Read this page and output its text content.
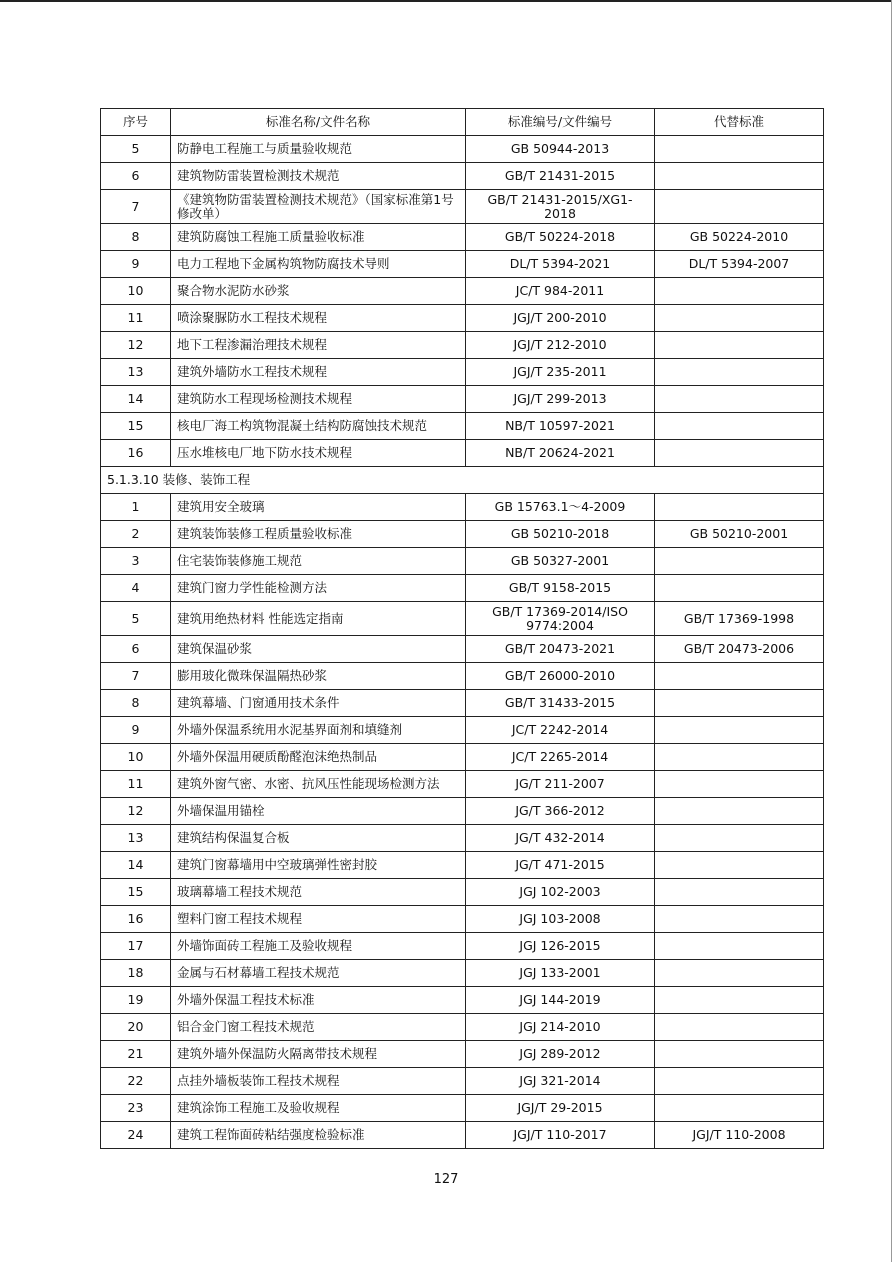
序号	标准名称/文件名称	标准编号/文件编号	代替标准
5	防静电工程施工与质量验收规范	GB 50944-2013	
6	建筑物防雷装置检测技术规范	GB/T 21431-2015	
7	《建筑物防雷装置检测技术规范》（国家标准第1号修改单）	GB/T 21431-2015/XG1-2018	
8	建筑防腐蚀工程施工质量验收标准	GB/T 50224-2018	GB 50224-2010
9	电力工程地下金属构筑物防腐技术导则	DL/T 5394-2021	DL/T 5394-2007
10	聚合物水泥防水砂浆	JC/T 984-2011	
11	喷涂聚脲防水工程技术规程	JGJ/T 200-2010	
12	地下工程渗漏治理技术规程	JGJ/T 212-2010	
13	建筑外墙防水工程技术规程	JGJ/T 235-2011	
14	建筑防水工程现场检测技术规程	JGJ/T 299-2013	
15	核电厂海工构筑物混凝土结构防腐蚀技术规范	NB/T 10597-2021	
16	压水堆核电厂地下防水技术规程	NB/T 20624-2021	
5.1.3.10 装修、装饰工程			
1	建筑用安全玻璃	GB 15763.1～4-2009	
2	建筑装饰装修工程质量验收标准	GB 50210-2018	GB 50210-2001
3	住宅装饰装修施工规范	GB 50327-2001	
4	建筑门窗力学性能检测方法	GB/T 9158-2015	
5	建筑用绝热材料 性能选定指南	GB/T 17369-2014/ISO 9774:2004	GB/T 17369-1998
6	建筑保温砂浆	GB/T 20473-2021	GB/T 20473-2006
7	膨用玻化微珠保温隔热砂浆	GB/T 26000-2010	
8	建筑幕墙、门窗通用技术条件	GB/T 31433-2015	
9	外墙外保温系统用水泥基界面剂和填缝剂	JC/T 2242-2014	
10	外墙外保温用硬质酚醛泡沫绝热制品	JC/T 2265-2014	
11	建筑外窗气密、水密、抗风压性能现场检测方法	JG/T 211-2007	
12	外墙保温用锚栓	JG/T 366-2012	
13	建筑结构保温复合板	JG/T 432-2014	
14	建筑门窗幕墙用中空玻璃弹性密封胶	JG/T 471-2015	
15	玻璃幕墙工程技术规范	JGJ 102-2003	
16	塑料门窗工程技术规程	JGJ 103-2008	
17	外墙饰面砖工程施工及验收规程	JGJ 126-2015	
18	金属与石材幕墙工程技术规范	JGJ 133-2001	
19	外墙外保温工程技术标准	JGJ 144-2019	
20	铝合金门窗工程技术规范	JGJ 214-2010	
21	建筑外墙外保温防火隔离带技术规程	JGJ 289-2012	
22	点挂外墙板装饰工程技术规程	JGJ 321-2014	
23	建筑涂饰工程施工及验收规程	JGJ/T 29-2015	
24	建筑工程饰面砖粘结强度检验标准	JGJ/T 110-2017	JGJ/T 110-2008
127
